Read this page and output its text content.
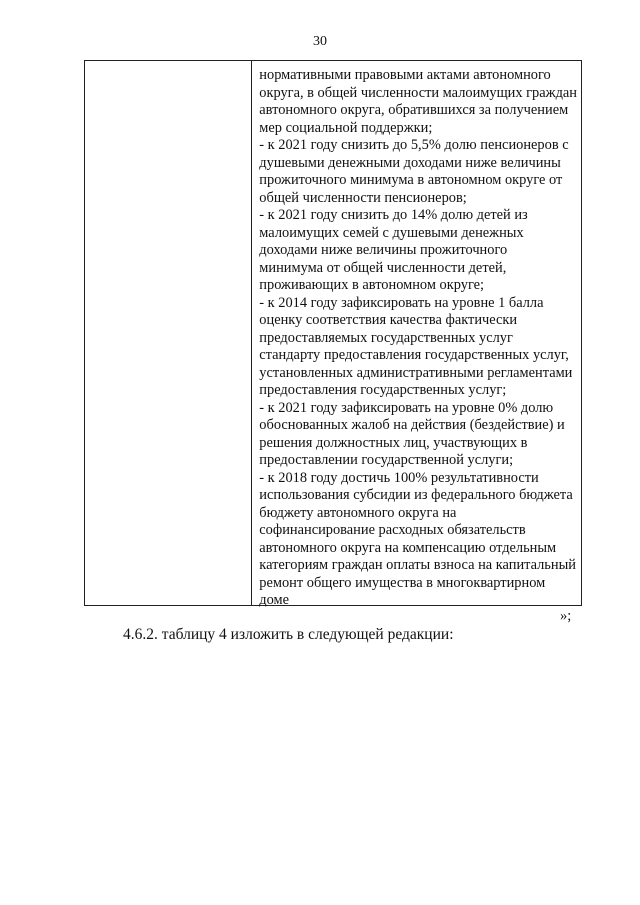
30
нормативными правовыми актами автономного
округа, в общей численности малоимущих граждан
автономного округа, обратившихся за получением
мер социальной поддержки;
- к 2021 году снизить до 5,5% долю пенсионеров с
душевыми денежными доходами ниже величины
прожиточного минимума в автономном округе от
общей численности пенсионеров;
- к 2021 году снизить до 14% долю детей из
малоимущих семей с душевыми денежных
доходами ниже величины прожиточного
минимума от общей численности детей,
проживающих в автономном округе;
- к 2014 году зафиксировать на уровне 1 балла
оценку соответствия качества фактически
предоставляемых государственных услуг
стандарту предоставления государственных услуг,
установленных административными регламентами
предоставления государственных услуг;
- к 2021 году зафиксировать на уровне 0% долю
обоснованных жалоб на действия (бездействие) и
решения должностных лиц, участвующих в
предоставлении государственной услуги;
- к 2018 году достичь 100% результативности
использования субсидии из федерального бюджета
бюджету автономного округа на
софинансирование расходных обязательств
автономного округа на компенсацию отдельным
категориям граждан оплаты взноса на капитальный
ремонт общего имущества в многоквартирном
доме
»;
4.6.2. таблицу 4 изложить в следующей редакции:
